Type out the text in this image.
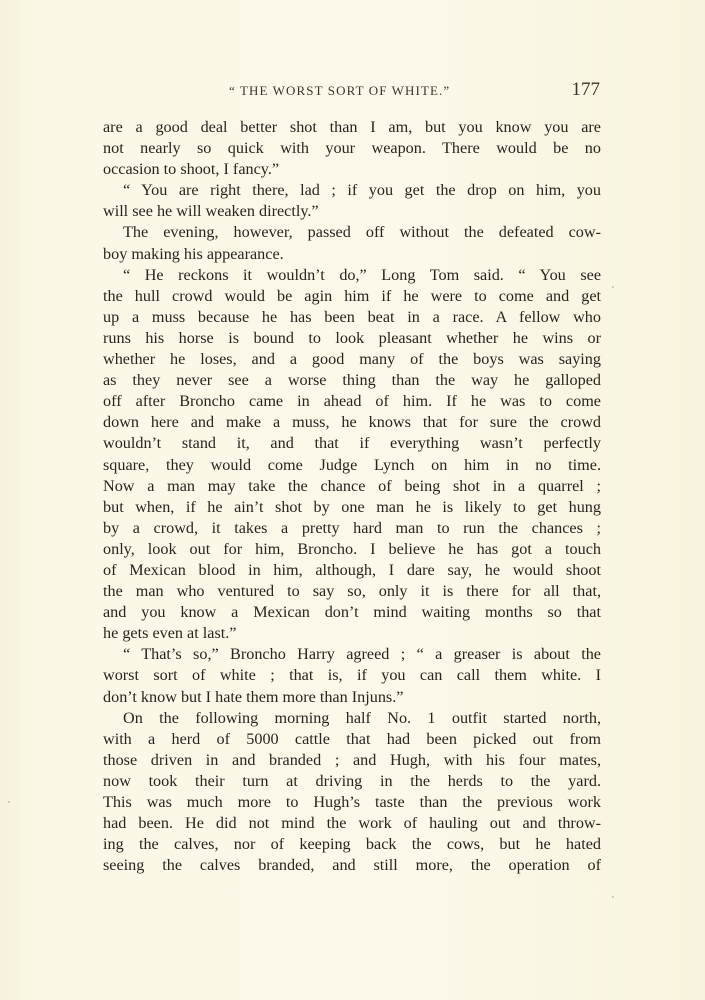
“ THE WORST SORT OF WHITE.”	177
are a good deal better shot than I am, but you know you are
not nearly so quick with your weapon. There would be no
occasion to shoot, I fancy.”
“ You are right there, lad ; if you get the drop on him, you
will see he will weaken directly.”
The evening, however, passed off without the defeated cow-
boy making his appearance.
“ He reckons it wouldn’t do,” Long Tom said. “ You see
the hull crowd would be agin him if he were to come and get
up a muss because he has been beat in a race. A fellow who
runs his horse is bound to look pleasant whether he wins or
whether he loses, and a good many of the boys was saying
as they never see a worse thing than the way he galloped
off after Broncho came in ahead of him. If he was to come
down here and make a muss, he knows that for sure the crowd
wouldn’t stand it, and that if everything wasn’t perfectly
square, they would come Judge Lynch on him in no time.
Now a man may take the chance of being shot in a quarrel ;
but when, if he ain’t shot by one man he is likely to get hung
by a crowd, it takes a pretty hard man to run the chances ;
only, look out for him, Broncho. I believe he has got a touch
of Mexican blood in him, although, I dare say, he would shoot
the man who ventured to say so, only it is there for all that,
and you know a Mexican don’t mind waiting months so that
he gets even at last.”
“ That’s so,” Broncho Harry agreed ; “ a greaser is about the
worst sort of white ; that is, if you can call them white. I
don’t know but I hate them more than Injuns.”
On the following morning half No. 1 outfit started north,
with a herd of 5000 cattle that had been picked out from
those driven in and branded ; and Hugh, with his four mates,
now took their turn at driving in the herds to the yard.
This was much more to Hugh’s taste than the previous work
had been. He did not mind the work of hauling out and throw-
ing the calves, nor of keeping back the cows, but he hated
seeing the calves branded, and still more, the operation of
